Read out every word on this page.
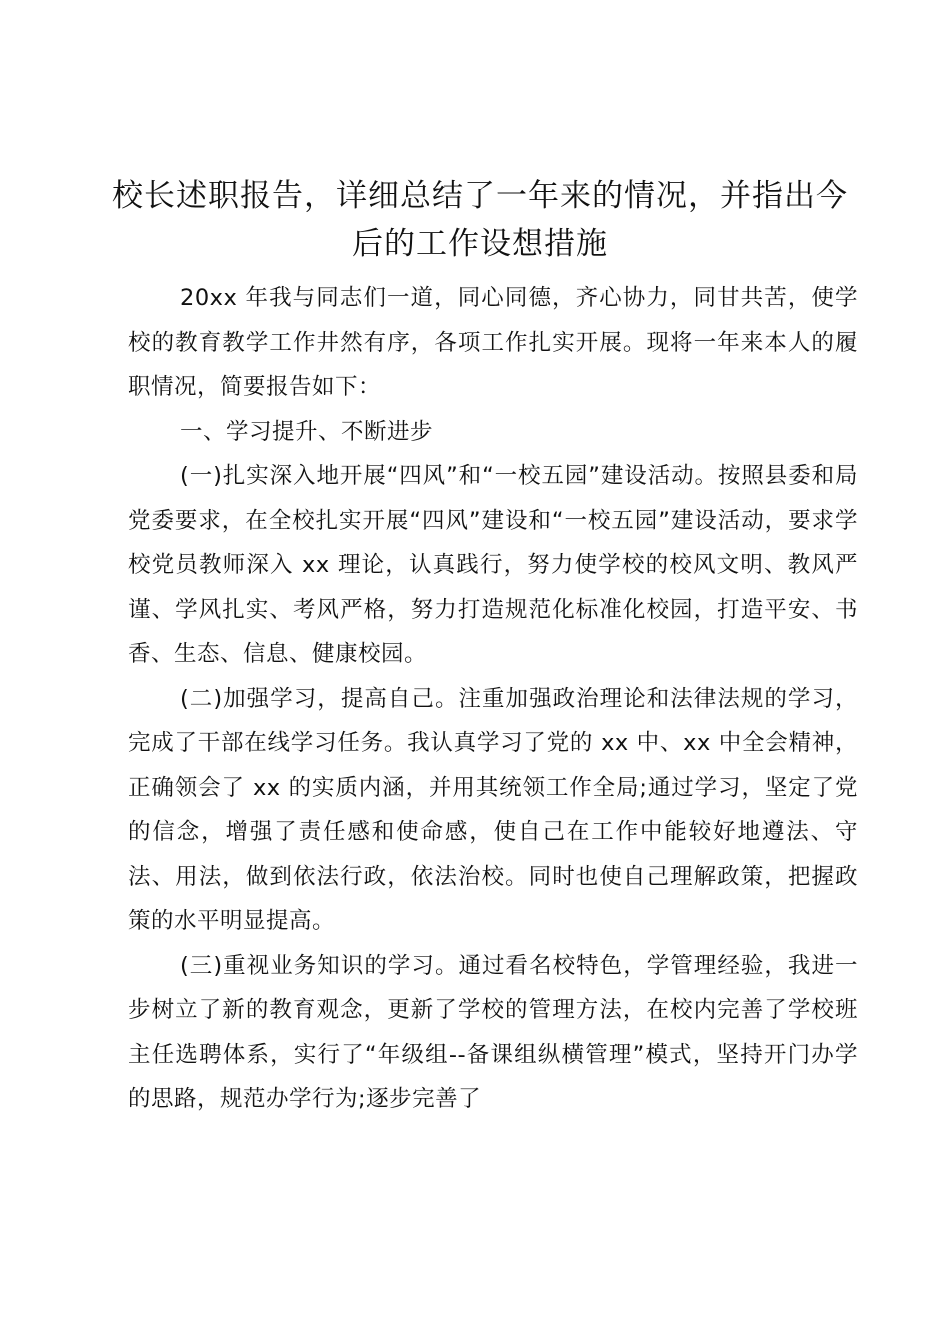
校长述职报告，详细总结了一年来的情况，并指出今后的工作设想措施

20xx 年我与同志们一道，同心同德，齐心协力，同甘共苦，使学校的教育教学工作井然有序，各项工作扎实开展。现将一年来本人的履职情况，简要报告如下：

一、学习提升、不断进步

(一)扎实深入地开展“四风”和“一校五园”建设活动。按照县委和局党委要求，在全校扎实开展“四风”建设和“一校五园”建设活动，要求学校党员教师深入 xx 理论，认真践行，努力使学校的校风文明、教风严谨、学风扎实、考风严格，努力打造规范化标准化校园，打造平安、书香、生态、信息、健康校园。

(二)加强学习，提高自己。注重加强政治理论和法律法规的学习，完成了干部在线学习任务。我认真学习了党的 xx 中、xx 中全会精神，正确领会了 xx 的实质内涵，并用其统领工作全局;通过学习，坚定了党的信念，增强了责任感和使命感，使自己在工作中能较好地遵法、守法、用法，做到依法行政，依法治校。同时也使自己理解政策，把握政策的水平明显提高。

(三)重视业务知识的学习。通过看名校特色，学管理经验，我进一步树立了新的教育观念，更新了学校的管理方法，在校内完善了学校班主任选聘体系，实行了“年级组--备课组纵横管理”模式，坚持开门办学的思路，规范办学行为;逐步完善了
